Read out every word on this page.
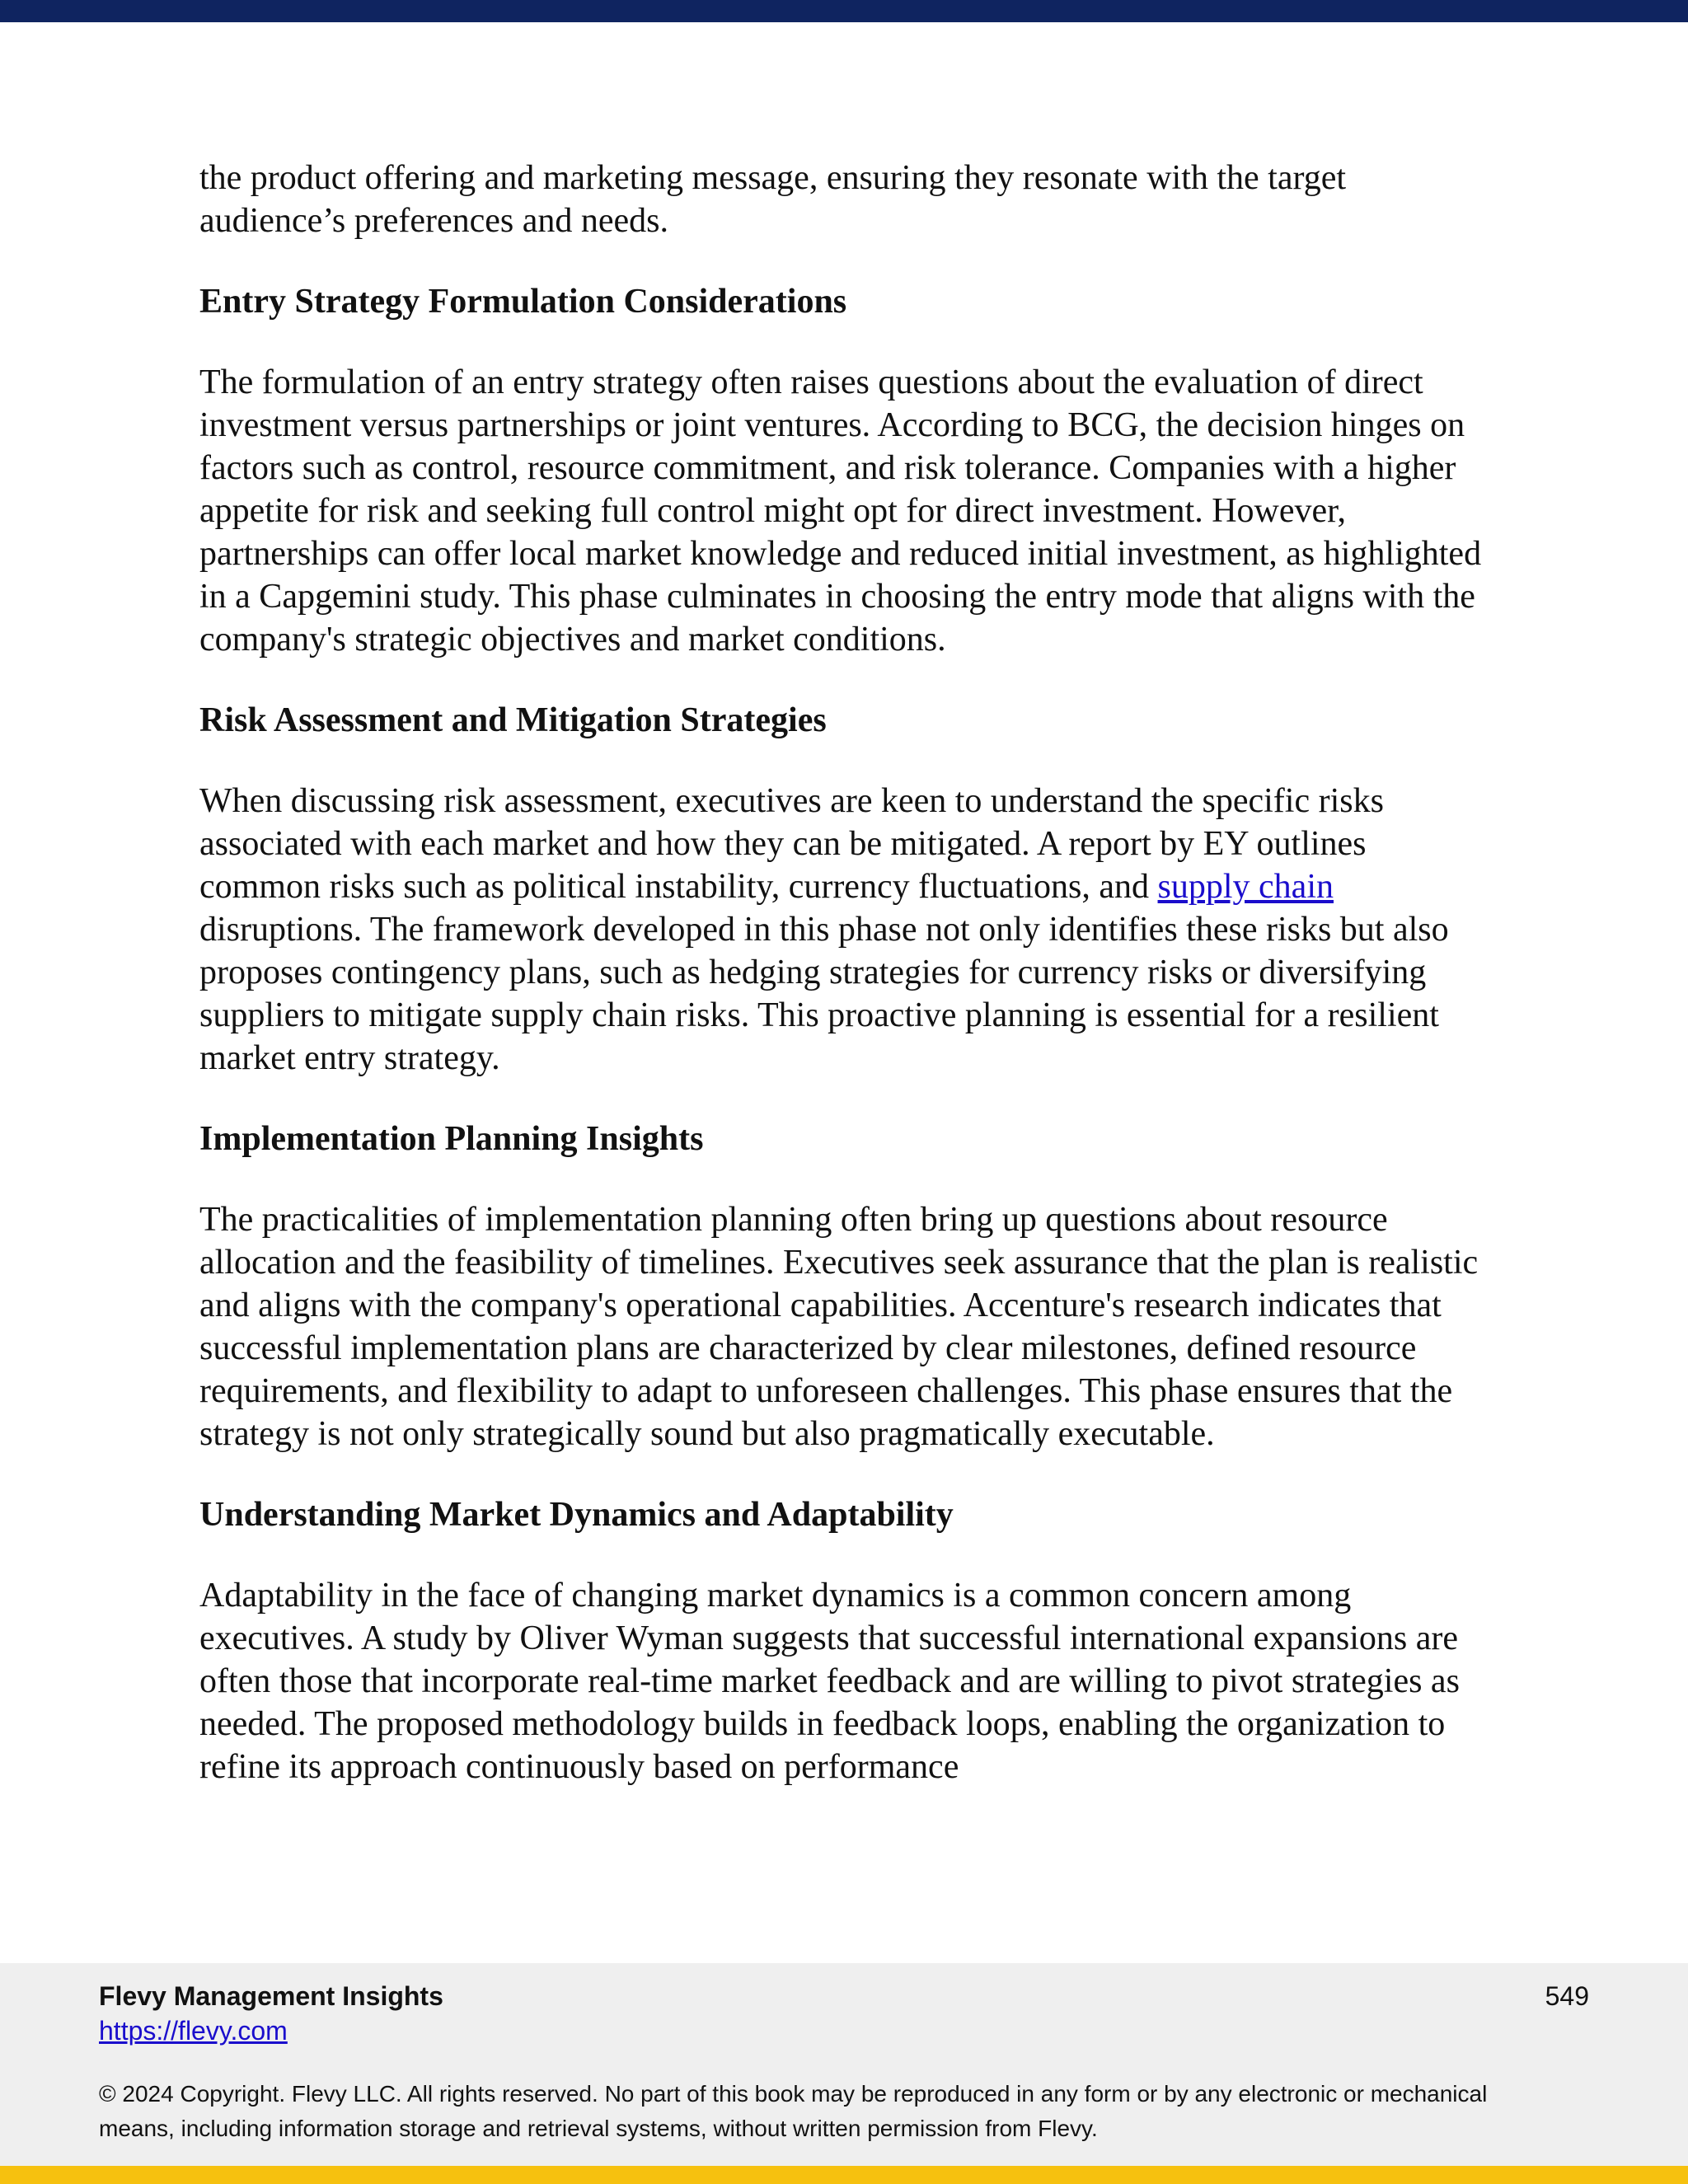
the product offering and marketing message, ensuring they resonate with the target audience’s preferences and needs.

Entry Strategy Formulation Considerations

The formulation of an entry strategy often raises questions about the evaluation of direct investment versus partnerships or joint ventures. According to BCG, the decision hinges on factors such as control, resource commitment, and risk tolerance. Companies with a higher appetite for risk and seeking full control might opt for direct investment. However, partnerships can offer local market knowledge and reduced initial investment, as highlighted in a Capgemini study. This phase culminates in choosing the entry mode that aligns with the company's strategic objectives and market conditions.

Risk Assessment and Mitigation Strategies

When discussing risk assessment, executives are keen to understand the specific risks associated with each market and how they can be mitigated. A report by EY outlines common risks such as political instability, currency fluctuations, and supply chain disruptions. The framework developed in this phase not only identifies these risks but also proposes contingency plans, such as hedging strategies for currency risks or diversifying suppliers to mitigate supply chain risks. This proactive planning is essential for a resilient market entry strategy.

Implementation Planning Insights

The practicalities of implementation planning often bring up questions about resource allocation and the feasibility of timelines. Executives seek assurance that the plan is realistic and aligns with the company's operational capabilities. Accenture's research indicates that successful implementation plans are characterized by clear milestones, defined resource requirements, and flexibility to adapt to unforeseen challenges. This phase ensures that the strategy is not only strategically sound but also pragmatically executable.

Understanding Market Dynamics and Adaptability

Adaptability in the face of changing market dynamics is a common concern among executives. A study by Oliver Wyman suggests that successful international expansions are often those that incorporate real-time market feedback and are willing to pivot strategies as needed. The proposed methodology builds in feedback loops, enabling the organization to refine its approach continuously based on performance

Flevy Management Insights
https://flevy.com
549
© 2024 Copyright. Flevy LLC. All rights reserved. No part of this book may be reproduced in any form or by any electronic or mechanical means, including information storage and retrieval systems, without written permission from Flevy.
